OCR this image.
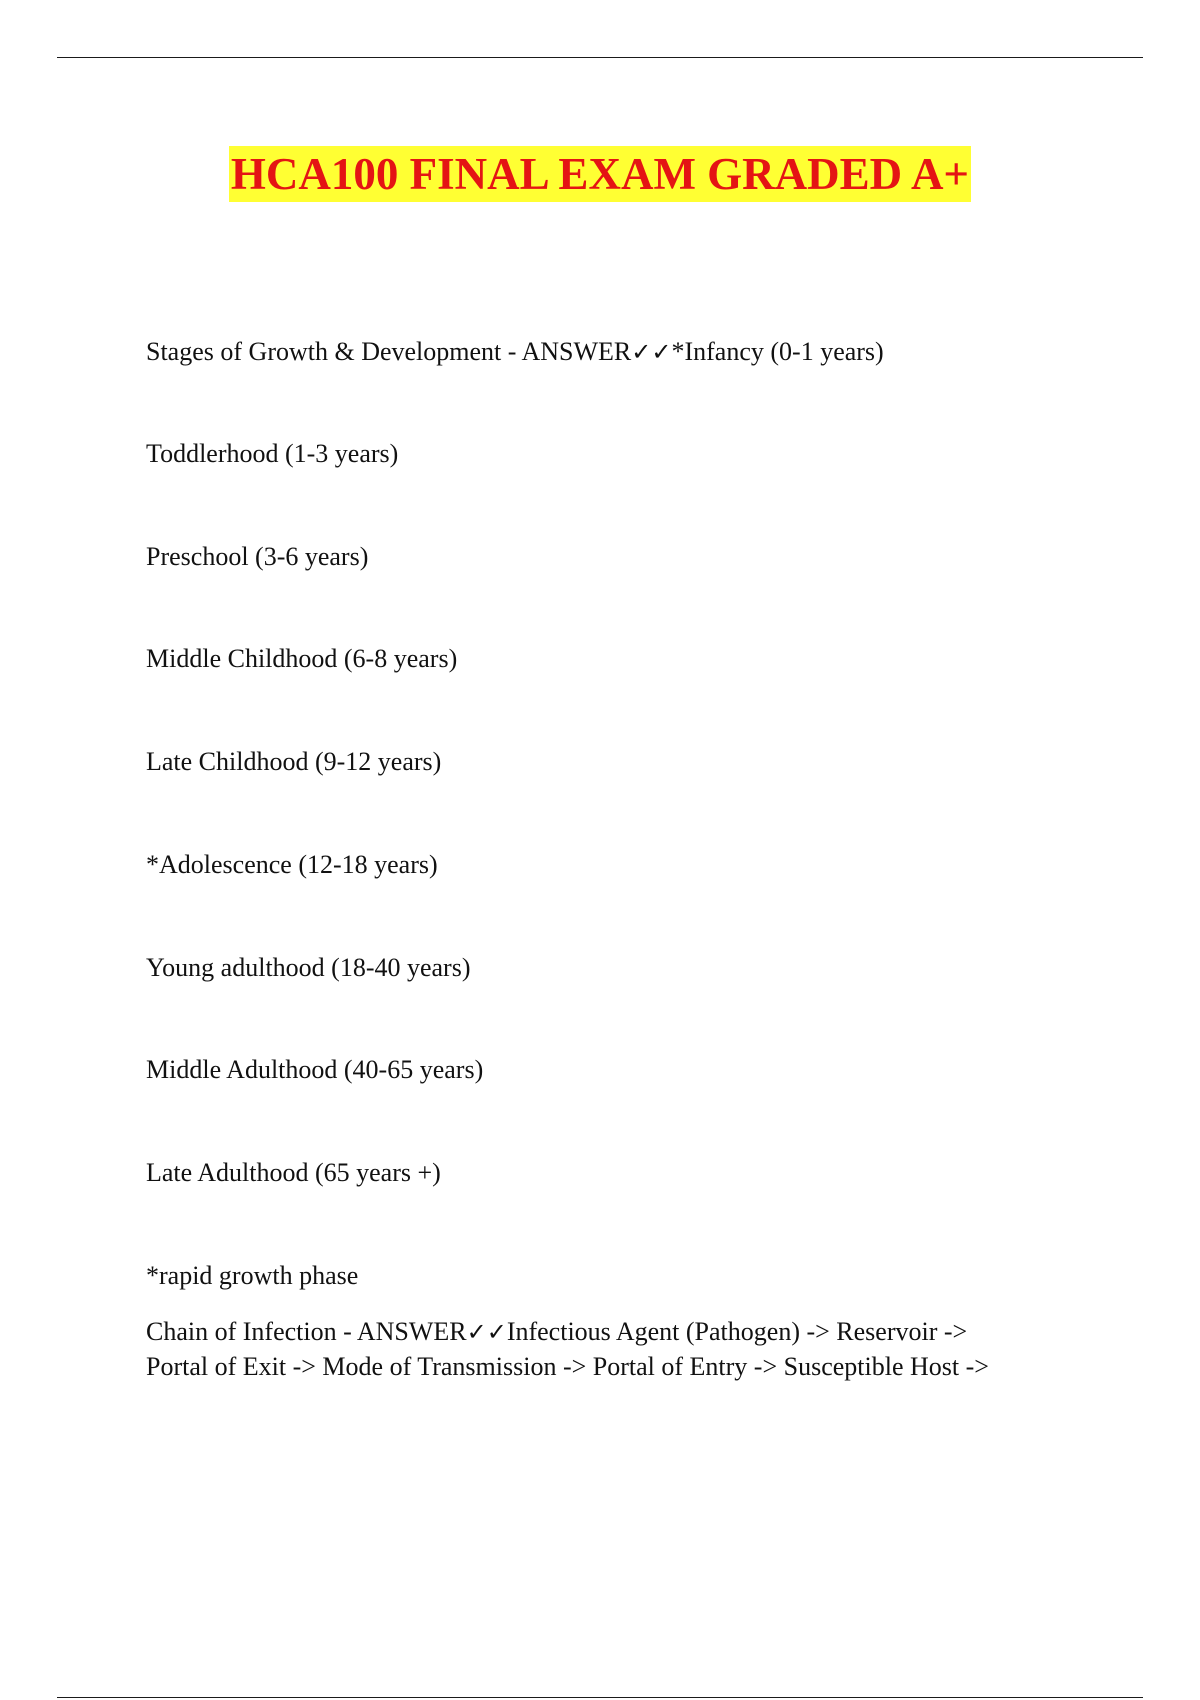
HCA100 FINAL EXAM GRADED A+
Stages of Growth & Development - ANSWER✓✓*Infancy (0-1 years)
Toddlerhood (1-3 years)
Preschool (3-6 years)
Middle Childhood (6-8 years)
Late Childhood (9-12 years)
*Adolescence (12-18 years)
Young adulthood (18-40 years)
Middle Adulthood (40-65 years)
Late Adulthood (65 years +)
*rapid growth phase
Chain of Infection - ANSWER✓✓Infectious Agent (Pathogen) -> Reservoir ->
Portal of Exit -> Mode of Transmission -> Portal of Entry -> Susceptible Host ->
